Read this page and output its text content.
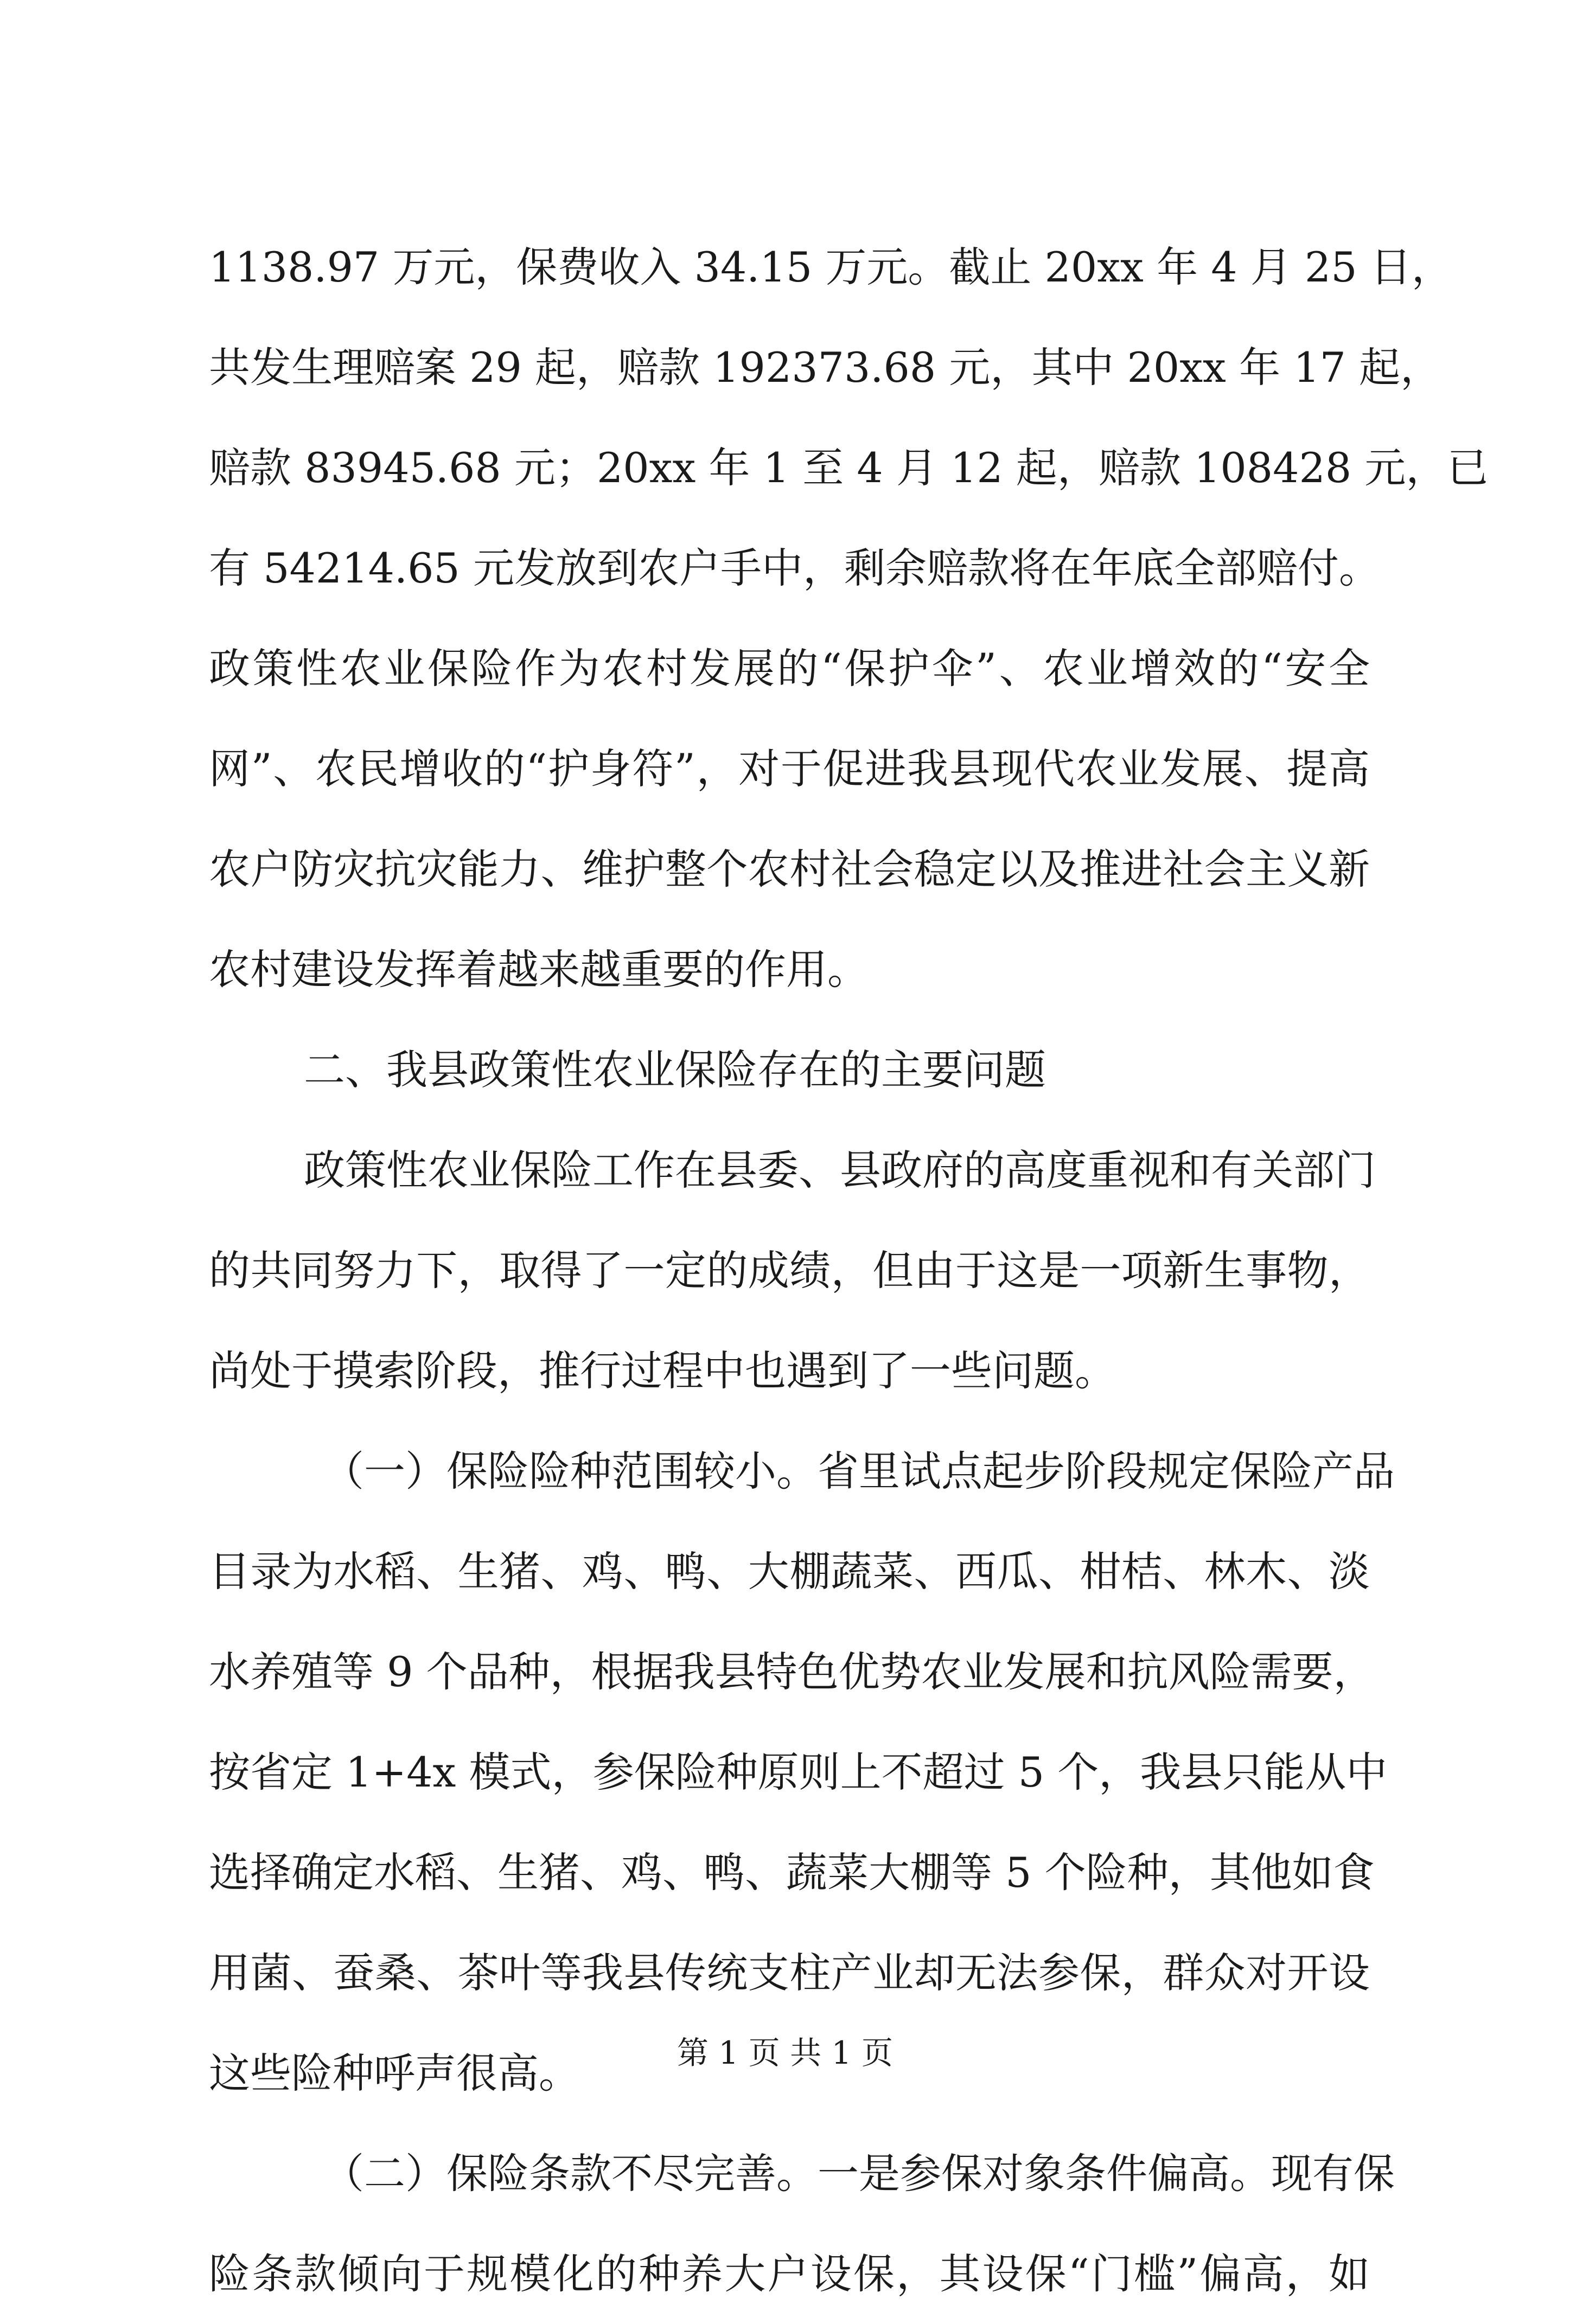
1138.97 万元，保费收入 34.15 万元。截止 20xx 年 4 月 25 日，
共发生理赔案 29 起，赔款 192373.68 元，其中 20xx 年 17 起，
赔款 83945.68 元；20xx 年 1 至 4 月 12 起，赔款 108428 元，已
有 54214.65 元发放到农户手中，剩余赔款将在年底全部赔付。
政策性农业保险作为农村发展的“保护伞”、农业增效的“安全
网”、农民增收的“护身符”，对于促进我县现代农业发展、提高
农户防灾抗灾能力、维护整个农村社会稳定以及推进社会主义新
农村建设发挥着越来越重要的作用。
二、我县政策性农业保险存在的主要问题
政策性农业保险工作在县委、县政府的高度重视和有关部门
的共同努力下，取得了一定的成绩，但由于这是一项新生事物，
尚处于摸索阶段，推行过程中也遇到了一些问题。
（一）保险险种范围较小。省里试点起步阶段规定保险产品
目录为水稻、生猪、鸡、鸭、大棚蔬菜、西瓜、柑桔、林木、淡
水养殖等 9 个品种，根据我县特色优势农业发展和抗风险需要，
按省定 1+4x 模式，参保险种原则上不超过 5 个，我县只能从中
选择确定水稻、生猪、鸡、鸭、蔬菜大棚等 5 个险种，其他如食
用菌、蚕桑、茶叶等我县传统支柱产业却无法参保，群众对开设
这些险种呼声很高。
（二）保险条款不尽完善。一是参保对象条件偏高。现有保
险条款倾向于规模化的种养大户设保，其设保“门槛”偏高，如
第 1 页 共 1 页
